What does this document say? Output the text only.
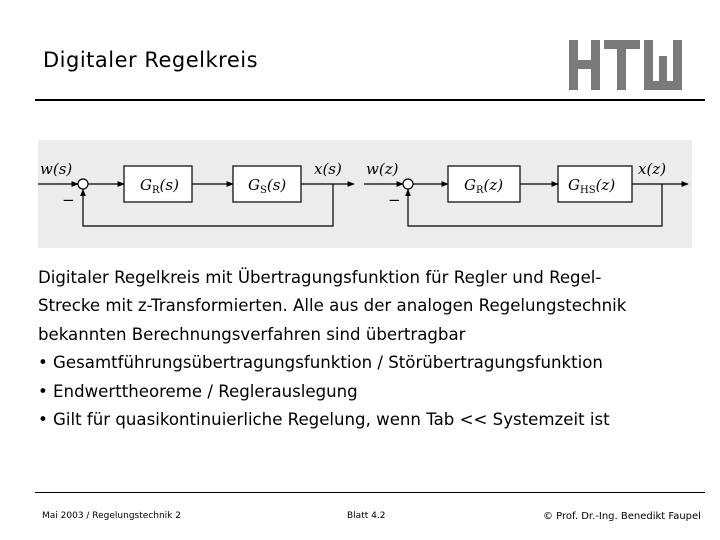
Digitaler Regelkreis
w(s)
−
$G_R(s)$	$G_S(s)$
x(s) w(z)
−
$G_R(z)$	$G_{HS}(z)$
x(z)
Digitaler Regelkreis mit Übertragungsfunktion für Regler und Regel-
Strecke mit z-Transformierten. Alle aus der analogen Regelungstechnik
bekannten Berechnungsverfahren sind übertragbar
• Gesamtführungsübertragungsfunktion / Störübertragungsfunktion
• Endwerttheoreme / Reglerauslegung
• Gilt für quasikontinuierliche Regelung, wenn Tab << Systemzeit ist
Mai 2003 / Regelungstechnik 2	Blatt 4.2	© Prof. Dr.-Ing. Benedikt Faupel
